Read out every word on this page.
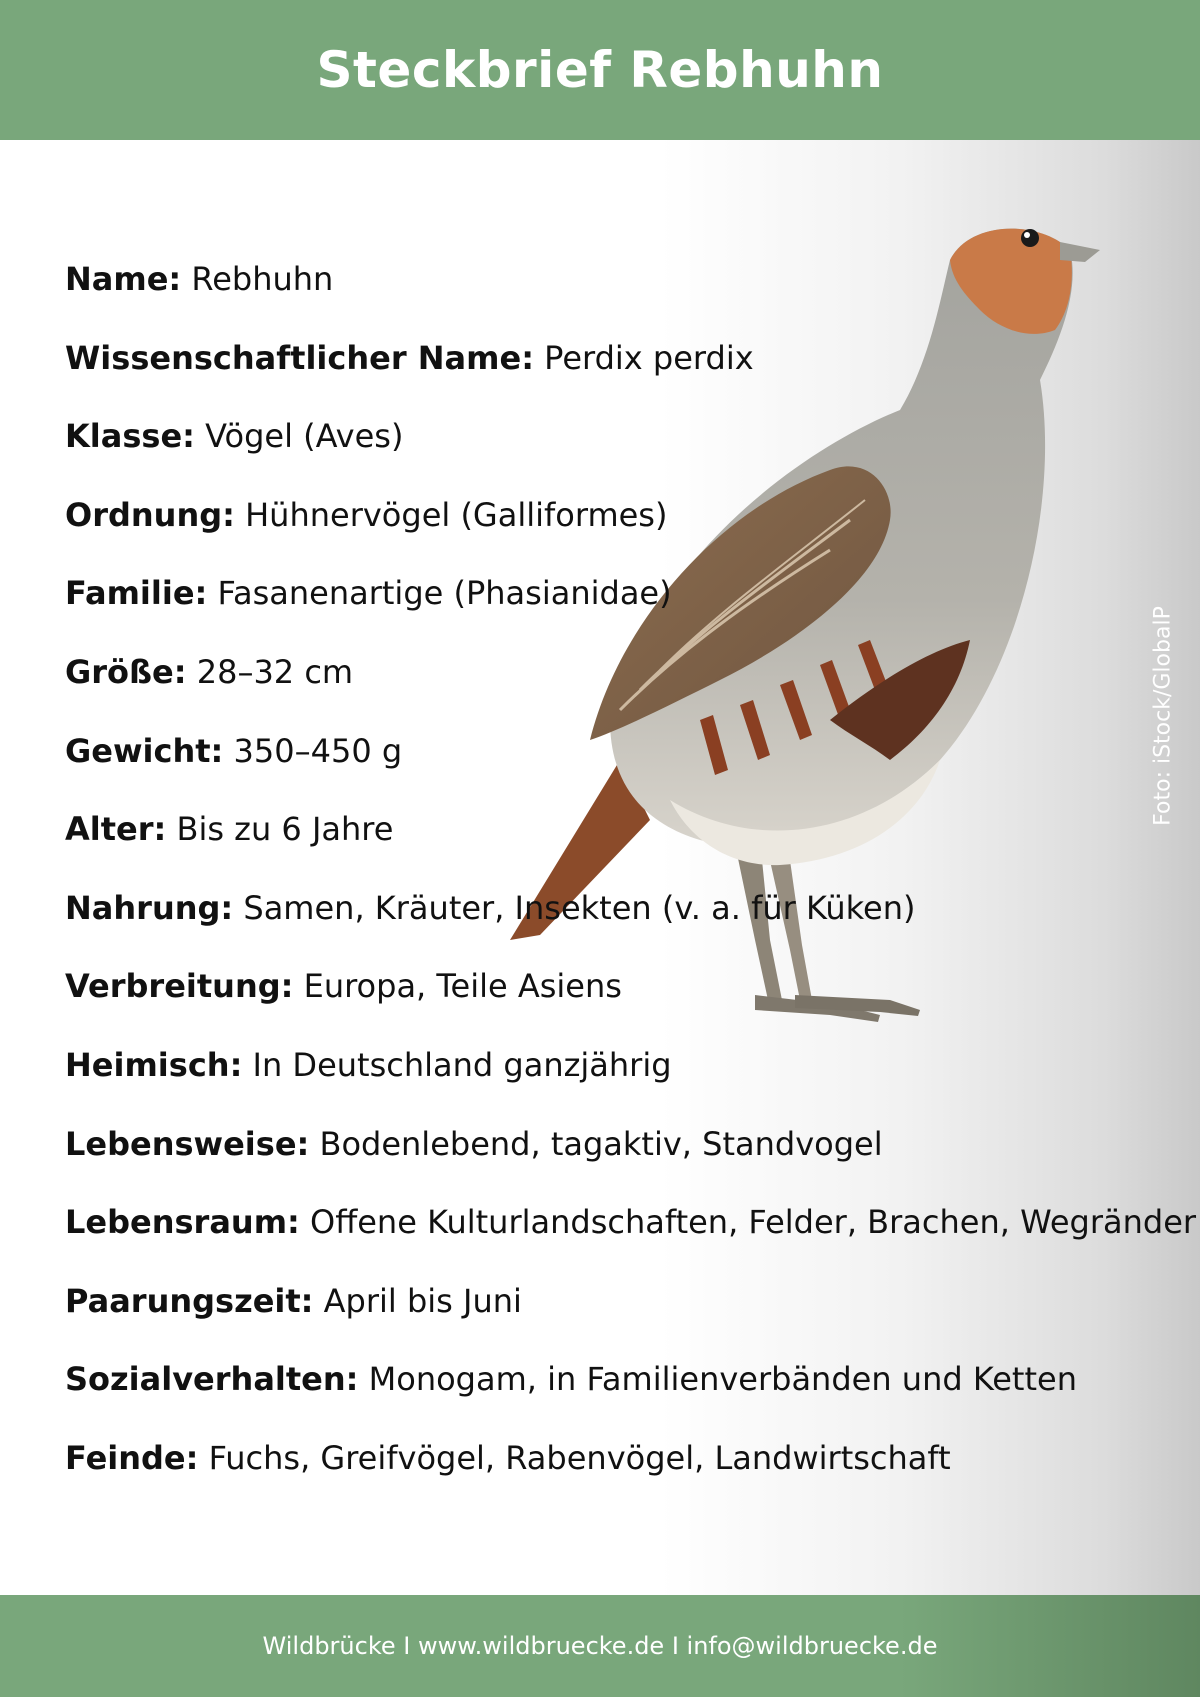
Steckbrief Rebhuhn
Name: Rebhuhn
Wissenschaftlicher Name: Perdix perdix
Klasse: Vögel (Aves)
Ordnung: Hühnervögel (Galliformes)
Familie: Fasanenartige (Phasianidae)
Größe: 28–32 cm
Gewicht: 350–450 g
Alter: Bis zu 6 Jahre
Nahrung: Samen, Kräuter, Insekten (v. a. für Küken)
Verbreitung: Europa, Teile Asiens
Heimisch: In Deutschland ganzjährig
Lebensweise: Bodenlebend, tagaktiv, Standvogel
Lebensraum: Offene Kulturlandschaften, Felder, Brachen, Wegränder
Paarungszeit: April bis Juni
Sozialverhalten: Monogam, in Familienverbänden und Ketten
Feinde: Fuchs, Greifvögel, Rabenvögel, Landwirtschaft
Foto: iStock/GlobalP
Wildbrücke I www.wildbruecke.de I info@wildbruecke.de
